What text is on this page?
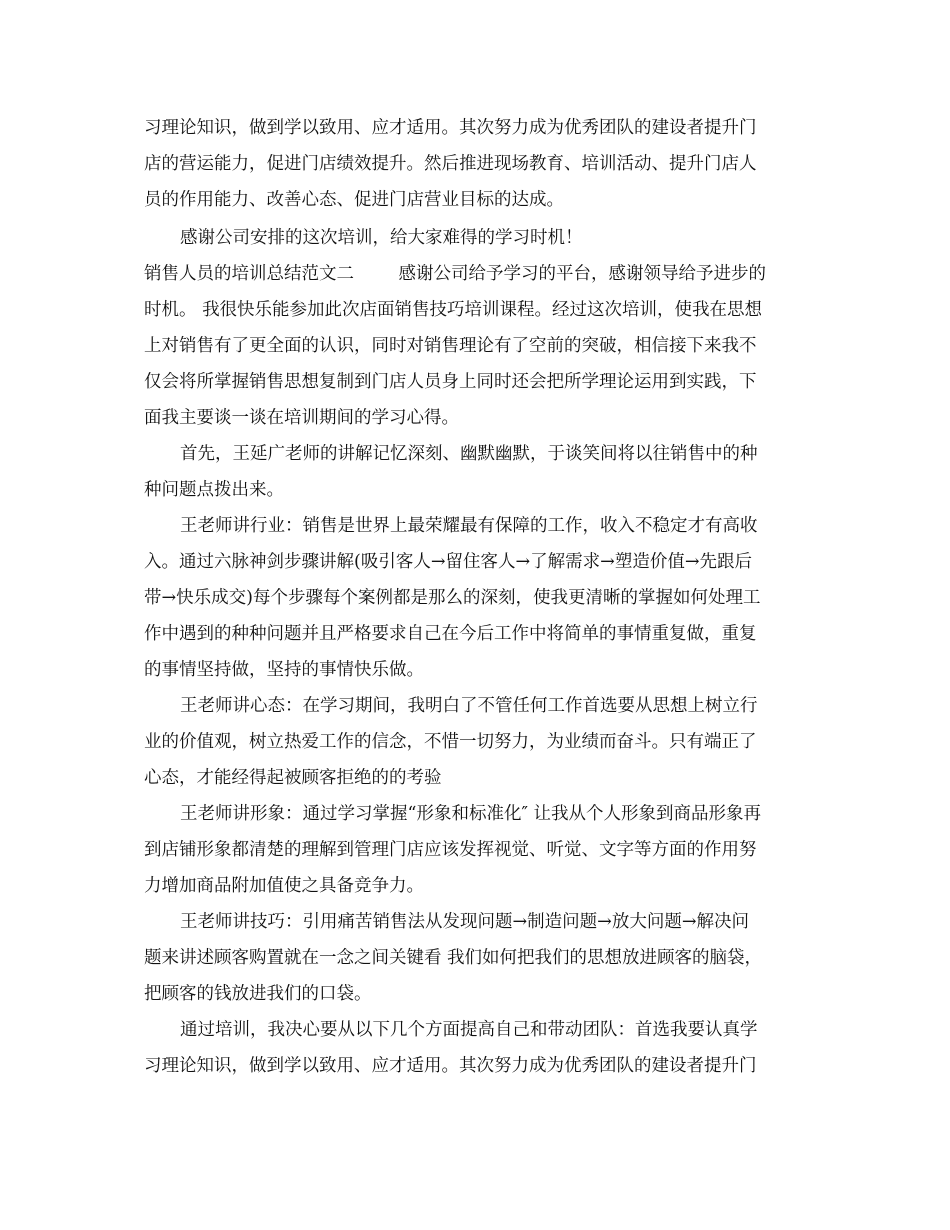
习理论知识，做到学以致用、应才适用。其次努力成为优秀团队的建设者提升门
店的营运能力，促进门店绩效提升。然后推进现场教育、培训活动、提升门店人
员的作用能力、改善心态、促进门店营业目标的达成。
感谢公司安排的这次培训，给大家难得的学习时机！
销售人员的培训总结范文二        感谢公司给予学习的平台，感谢领导给予进步的
时机。 我很快乐能参加此次店面销售技巧培训课程。经过这次培训，使我在思想
上对销售有了更全面的认识，同时对销售理论有了空前的突破，相信接下来我不
仅会将所掌握销售思想复制到门店人员身上同时还会把所学理论运用到实践，下
面我主要谈一谈在培训期间的学习心得。
首先，王延广老师的讲解记忆深刻、幽默幽默，于谈笑间将以往销售中的种
种问题点拨出来。
王老师讲行业：销售是世界上最荣耀最有保障的工作，收入不稳定才有高收
入。通过六脉神剑步骤讲解(吸引客人→留住客人→了解需求→塑造价值→先跟后
带→快乐成交)每个步骤每个案例都是那么的深刻，使我更清晰的掌握如何处理工
作中遇到的种种问题并且严格要求自己在今后工作中将简单的事情重复做，重复
的事情坚持做，坚持的事情快乐做。
王老师讲心态：在学习期间，我明白了不管任何工作首选要从思想上树立行
业的价值观，树立热爱工作的信念，不惜一切努力，为业绩而奋斗。只有端正了
心态，才能经得起被顾客拒绝的的考验
王老师讲形象：通过学习掌握“形象和标准化″ 让我从个人形象到商品形象再
到店铺形象都清楚的理解到管理门店应该发挥视觉、听觉、文字等方面的作用努
力增加商品附加值使之具备竞争力。
王老师讲技巧：引用痛苦销售法从发现问题→制造问题→放大问题→解决问
题来讲述顾客购置就在一念之间关键看 我们如何把我们的思想放进顾客的脑袋，
把顾客的钱放进我们的口袋。
通过培训，我决心要从以下几个方面提高自己和带动团队：首选我要认真学
习理论知识，做到学以致用、应才适用。其次努力成为优秀团队的建设者提升门
